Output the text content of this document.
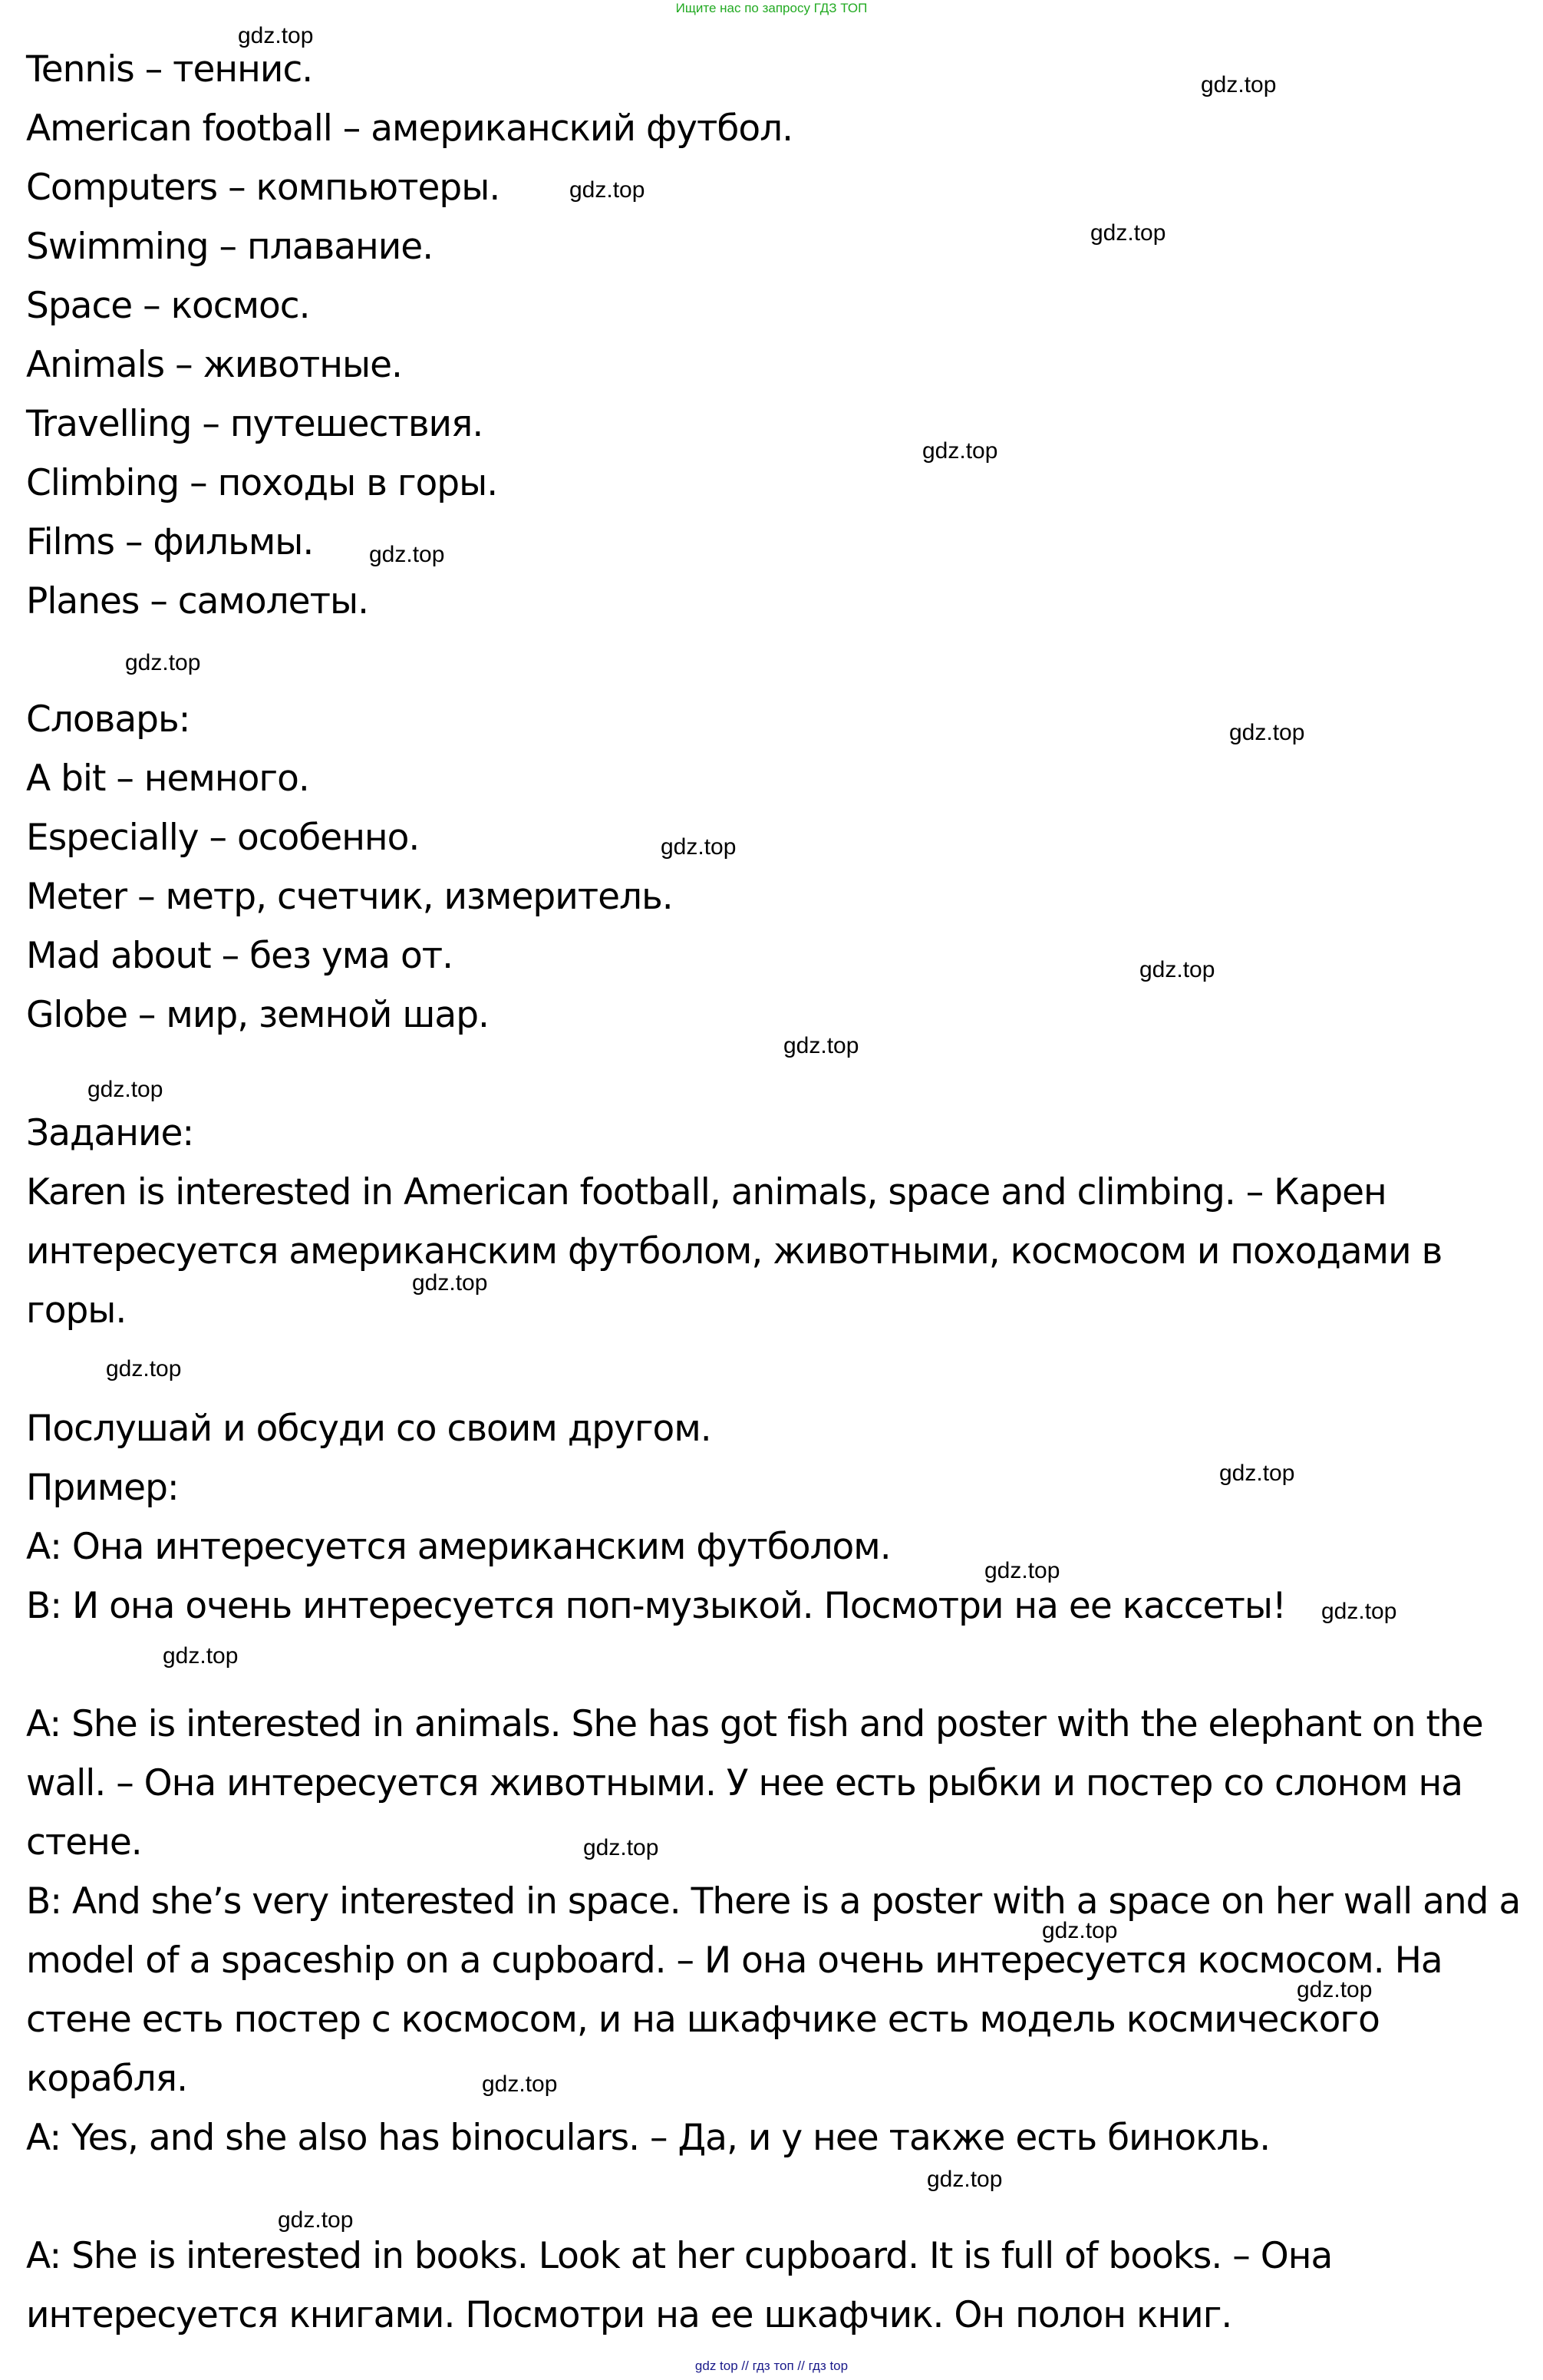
Ищите нас по запросу ГДЗ ТОП
Tennis – теннис.
American football – американский футбол.
Computers – компьютеры.
Swimming – плавание.
Space – космос.
Animals – животные.
Travelling – путешествия.
Climbing – походы в горы.
Films – фильмы.
Planes – самолеты.
Словарь:
A bit – немного.
Especially – особенно.
Meter – метр, счетчик, измеритель.
Mad about – без ума от.
Globe – мир, земной шар.
Задание:
Karen is interested in American football, animals, space and climbing. – Карен интересуется американским футболом, животными, космосом и походами в горы.
Послушай и обсуди со своим другом.
Пример:
А: Она интересуется американским футболом.
В: И она очень интересуется поп-музыкой. Посмотри на ее кассеты!
A: She is interested in animals. She has got fish and poster with the elephant on the wall. – Она интересуется животными. У нее есть рыбки и постер со слоном на стене.
B: And she’s very interested in space. There is a poster with a space on her wall and a model of a spaceship on a cupboard. – И она очень интересуется космосом. На стене есть постер с космосом, и на шкафчике есть модель космического корабля.
A: Yes, and she also has binoculars. – Да, и у нее также есть бинокль.
A: She is interested in books. Look at her cupboard. It is full of books. – Она интересуется книгами. Посмотри на ее шкафчик. Он полон книг.
gdz.top
gdz.top
gdz.top
gdz.top
gdz.top
gdz.top
gdz.top
gdz.top
gdz.top
gdz.top
gdz.top
gdz.top
gdz.top
gdz.top
gdz.top
gdz.top
gdz.top
gdz.top
gdz.top
gdz.top
gdz.top
gdz.top
gdz.top
gdz.top
gdz top // гдз топ // гдз top
